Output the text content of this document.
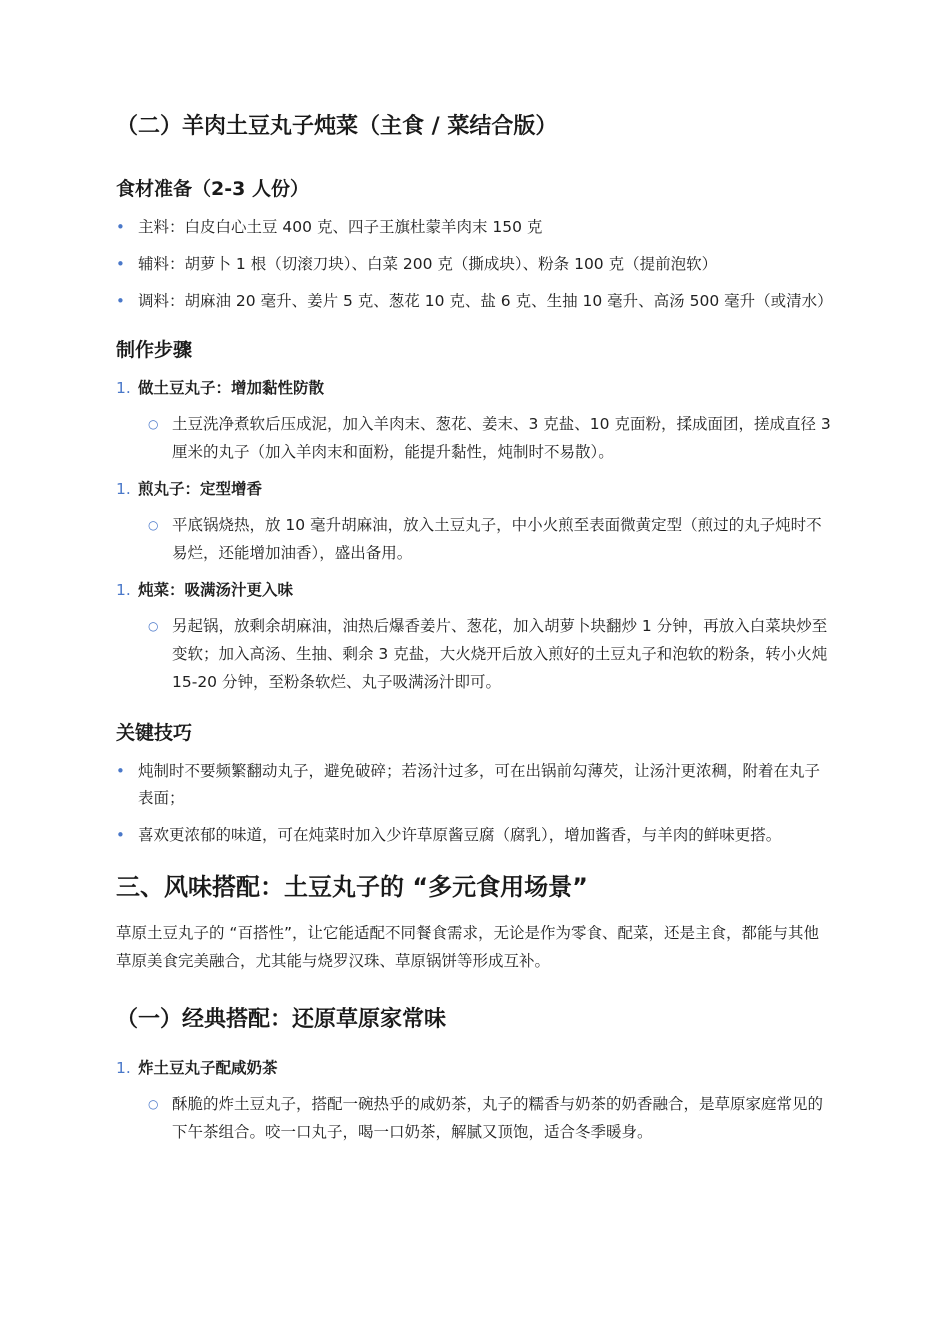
（二）羊肉土豆丸子炖菜（主食 / 菜结合版）
食材准备（2-3 人份）
• 主料：白皮白心土豆 400 克、四子王旗杜蒙羊肉末 150 克
• 辅料：胡萝卜 1 根（切滚刀块）、白菜 200 克（撕成块）、粉条 100 克（提前泡软）
• 调料：胡麻油 20 毫升、姜片 5 克、葱花 10 克、盐 6 克、生抽 10 毫升、高汤 500 毫升（或清水）
制作步骤
1. 做土豆丸子：增加黏性防散
○ 土豆洗净煮软后压成泥，加入羊肉末、葱花、姜末、3 克盐、10 克面粉，揉成面团，搓成直径 3 厘米的丸子（加入羊肉末和面粉，能提升黏性，炖制时不易散）。
1. 煎丸子：定型增香
○ 平底锅烧热，放 10 毫升胡麻油，放入土豆丸子，中小火煎至表面微黄定型（煎过的丸子炖时不易烂，还能增加油香），盛出备用。
1. 炖菜：吸满汤汁更入味
○ 另起锅，放剩余胡麻油，油热后爆香姜片、葱花，加入胡萝卜块翻炒 1 分钟，再放入白菜块炒至变软；加入高汤、生抽、剩余 3 克盐，大火烧开后放入煎好的土豆丸子和泡软的粉条，转小火炖 15-20 分钟，至粉条软烂、丸子吸满汤汁即可。
关键技巧
• 炖制时不要频繁翻动丸子，避免破碎；若汤汁过多，可在出锅前勾薄芡，让汤汁更浓稠，附着在丸子表面；
• 喜欢更浓郁的味道，可在炖菜时加入少许草原酱豆腐（腐乳），增加酱香，与羊肉的鲜味更搭。
三、风味搭配：土豆丸子的 “多元食用场景”

草原土豆丸子的 “百搭性”，让它能适配不同餐食需求，无论是作为零食、配菜，还是主食，都能与其他草原美食完美融合，尤其能与烧罗汉珠、草原锅饼等形成互补。

（一）经典搭配：还原草原家常味
1. 炸土豆丸子配咸奶茶
○ 酥脆的炸土豆丸子，搭配一碗热乎的咸奶茶，丸子的糯香与奶茶的奶香融合，是草原家庭常见的下午茶组合。咬一口丸子，喝一口奶茶，解腻又顶饱，适合冬季暖身。
